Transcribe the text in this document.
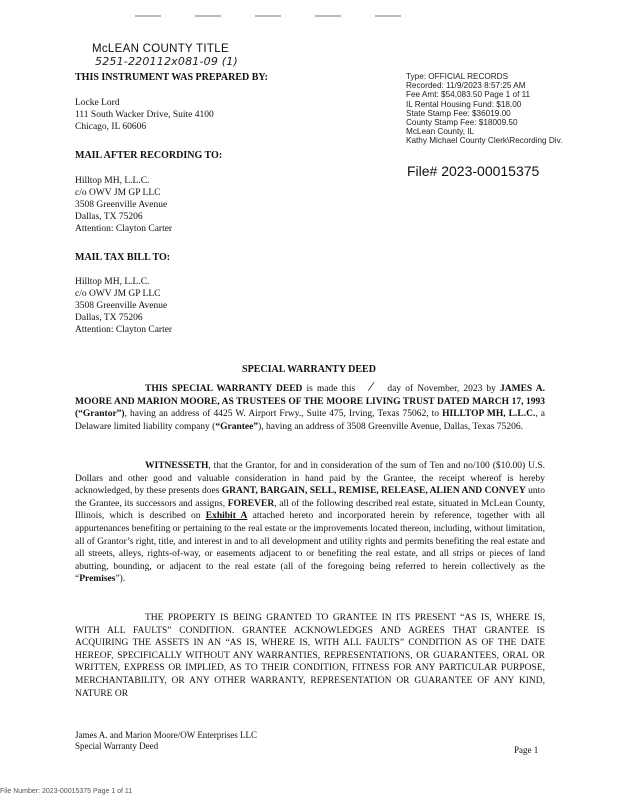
McLEAN COUNTY TITLE
5251-220112x081-09 (1)
THIS INSTRUMENT WAS PREPARED BY:
Locke Lord
111 South Wacker Drive, Suite 4100
Chicago, IL 60606
MAIL AFTER RECORDING TO:
Hilltop MH, L.L.C.
c/o OWV JM GP LLC
3508 Greenville Avenue
Dallas, TX 75206
Attention: Clayton Carter
MAIL TAX BILL TO:
Hilltop MH, L.L.C.
c/o OWV JM GP LLC
3508 Greenville Avenue
Dallas, TX 75206
Attention: Clayton Carter
Type: OFFICIAL RECORDS
Recorded: 11/9/2023 8:57:25 AM
Fee Amt: $54,083.50 Page 1 of 11
IL Rental Housing Fund: $18.00
State Stamp Fee: $36019.00
County Stamp Fee: $18009.50
McLean County, IL
Kathy Michael County Clerk\Recording Div.
File# 2023-00015375
SPECIAL WARRANTY DEED
THIS SPECIAL WARRANTY DEED is made this / day of November, 2023 by JAMES A. MOORE AND MARION MOORE, AS TRUSTEES OF THE MOORE LIVING TRUST DATED MARCH 17, 1993 (“Grantor”), having an address of 4425 W. Airport Frwy., Suite 475, Irving, Texas 75062, to HILLTOP MH, L.L.C., a Delaware limited liability company (“Grantee”), having an address of 3508 Greenville Avenue, Dallas, Texas 75206.
WITNESSETH, that the Grantor, for and in consideration of the sum of Ten and no/100 ($10.00) U.S. Dollars and other good and valuable consideration in hand paid by the Grantee, the receipt whereof is hereby acknowledged, by these presents does GRANT, BARGAIN, SELL, REMISE, RELEASE, ALIEN AND CONVEY unto the Grantee, its successors and assigns, FOREVER, all of the following described real estate, situated in McLean County, Illinois, which is described on Exhibit A attached hereto and incorporated herein by reference, together with all appurtenances benefiting or pertaining to the real estate or the improvements located thereon, including, without limitation, all of Grantor’s right, title, and interest in and to all development and utility rights and permits benefiting the real estate and all streets, alleys, rights-of-way, or easements adjacent to or benefiting the real estate, and all strips or pieces of land abutting, bounding, or adjacent to the real estate (all of the foregoing being referred to herein collectively as the “Premises”).
THE PROPERTY IS BEING GRANTED TO GRANTEE IN ITS PRESENT “AS IS, WHERE IS, WITH ALL FAULTS” CONDITION. GRANTEE ACKNOWLEDGES AND AGREES THAT GRANTEE IS ACQUIRING THE ASSETS IN AN “AS IS, WHERE IS, WITH ALL FAULTS” CONDITION AS OF THE DATE HEREOF, SPECIFICALLY WITHOUT ANY WARRANTIES, REPRESENTATIONS, OR GUARANTEES, ORAL OR WRITTEN, EXPRESS OR IMPLIED, AS TO THEIR CONDITION, FITNESS FOR ANY PARTICULAR PURPOSE, MERCHANTABILITY, OR ANY OTHER WARRANTY, REPRESENTATION OR GUARANTEE OF ANY KIND, NATURE OR
James A. and Marion Moore/OW Enterprises LLC
Special Warranty Deed	Page 1
File Number: 2023-00015375 Page 1 of 11
